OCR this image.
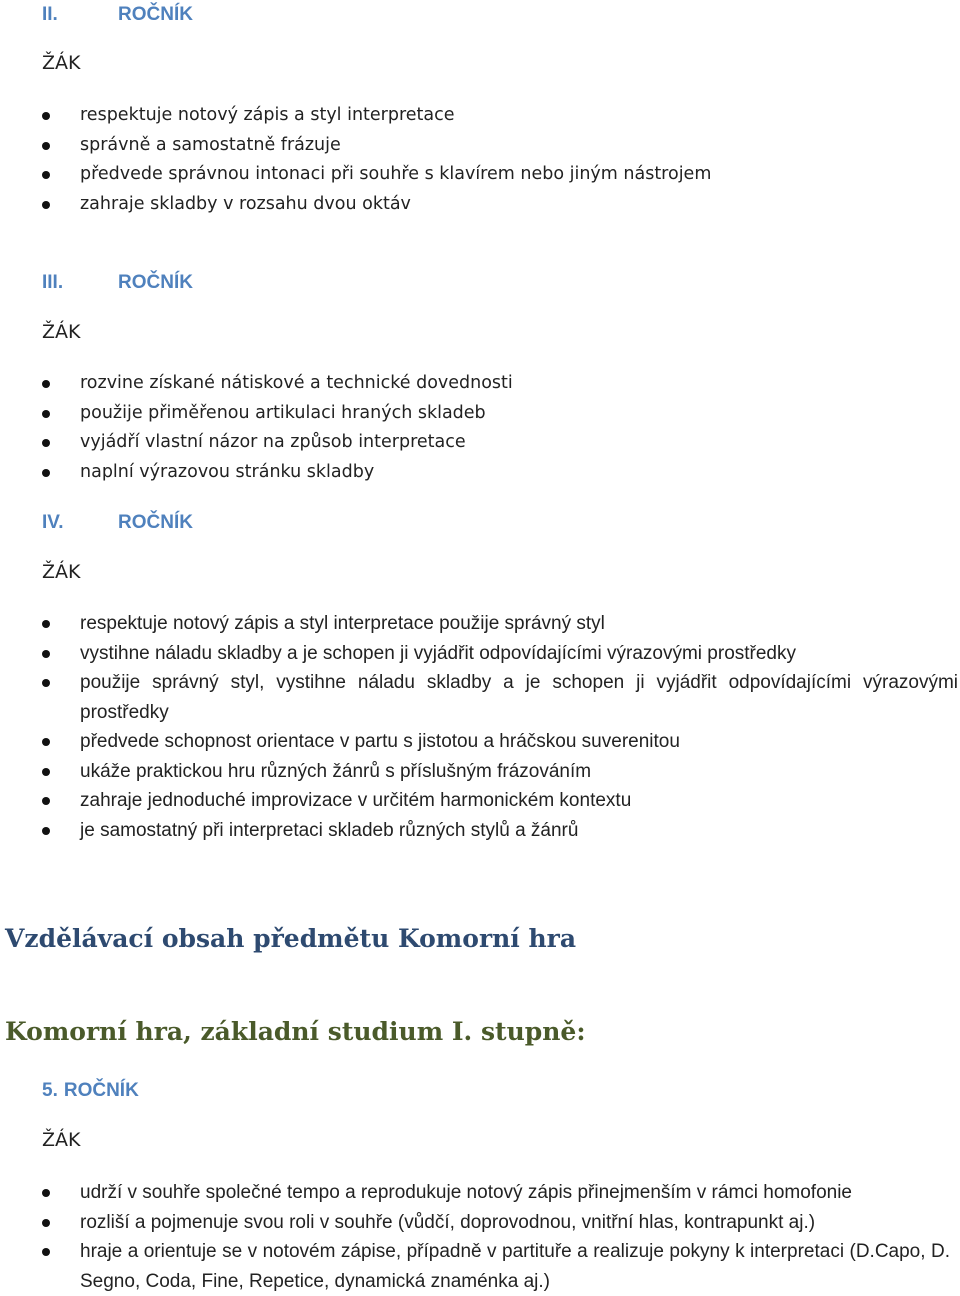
II.	ROČNÍK
ŽÁK
respektuje notový zápis a styl interpretace
správně a samostatně frázuje
předvede správnou intonaci při souhře s klavírem nebo jiným nástrojem
zahraje skladby v rozsahu dvou oktáv
III.	ROČNÍK
ŽÁK
rozvine získané nátiskové a technické dovednosti
použije přiměřenou artikulaci hraných skladeb
vyjádří vlastní názor na způsob interpretace
naplní výrazovou stránku skladby
IV.	ROČNÍK
ŽÁK
respektuje notový zápis a styl interpretace použije správný styl
vystihne náladu skladby a je schopen ji vyjádřit odpovídajícími výrazovými prostředky
použije správný styl, vystihne náladu skladby a je schopen ji vyjádřit odpovídajícími výrazovými prostředky
předvede schopnost orientace v partu s jistotou a hráčskou suverenitou
ukáže praktickou hru různých žánrů s příslušným frázováním
zahraje jednoduché improvizace v určitém harmonickém kontextu
je samostatný při interpretaci skladeb různých stylů a žánrů
Vzdělávací obsah předmětu Komorní hra
Komorní hra, základní studium I. stupně:
5. ROČNÍK
ŽÁK
udrží v souhře společné tempo a reprodukuje notový zápis přinejmenším v rámci homofonie
rozliší a pojmenuje svou roli v souhře (vůdčí, doprovodnou, vnitřní hlas, kontrapunkt aj.)
hraje a orientuje se v notovém zápise, případně v partituře a realizuje pokyny k interpretaci (D.Capo, D. Segno, Coda, Fine, Repetice, dynamická znaménka aj.)
